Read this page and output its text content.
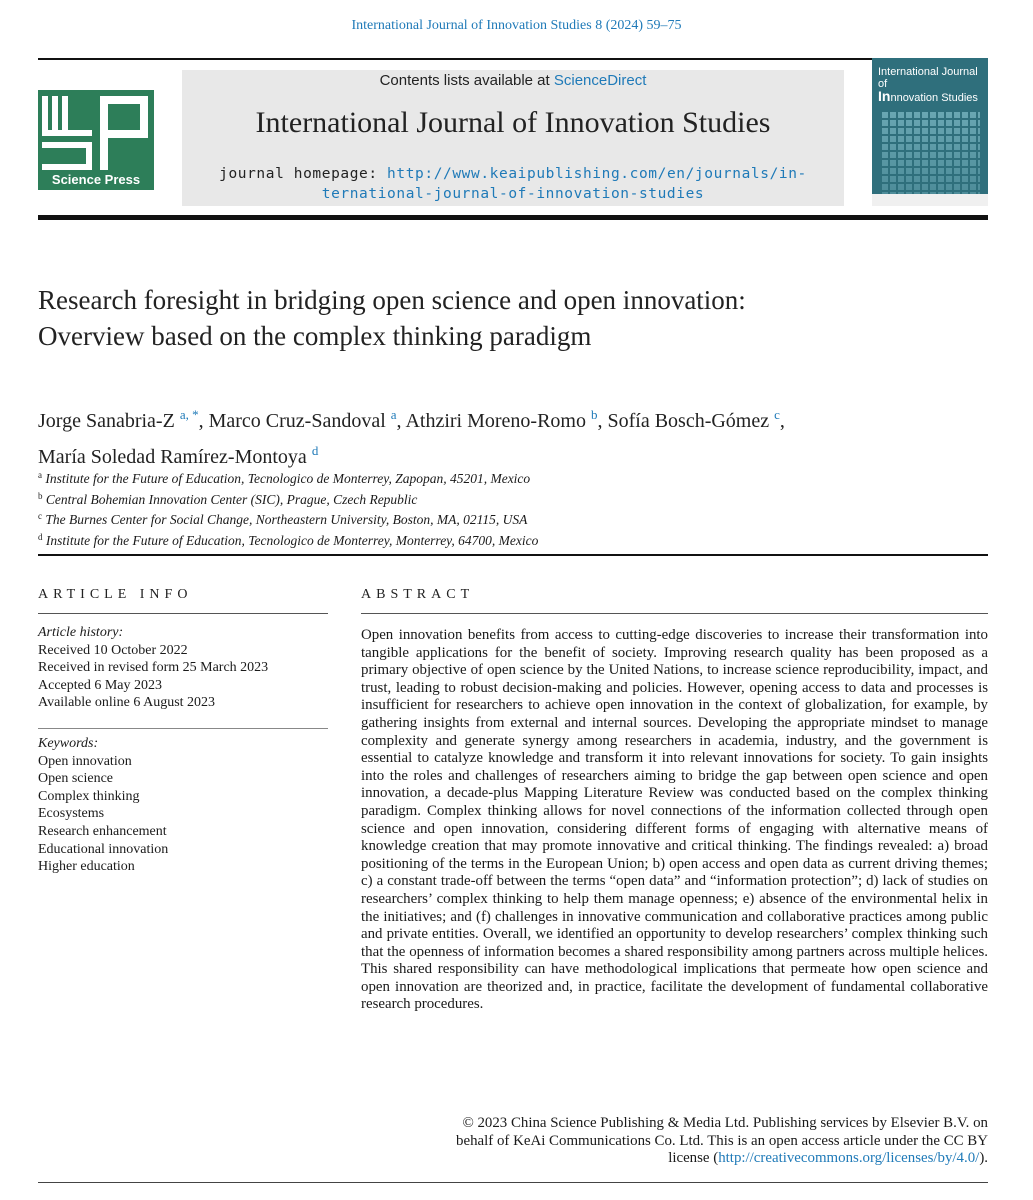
International Journal of Innovation Studies 8 (2024) 59–75
Science Press
Contents lists available at ScienceDirect
International Journal of Innovation Studies
journal homepage: http://www.keaipublishing.com/en/journals/in-
ternational-journal-of-innovation-studies
International Journal of
Innnovation Studies
Research foresight in bridging open science and open innovation: Overview based on the complex thinking paradigm
Jorge Sanabria-Z $^{a, *}$, Marco Cruz-Sandoval $^a$, Athziri Moreno-Romo $^b$, Sofía Bosch-Gómez $^c$,
María Soledad Ramírez-Montoya $^d$
$^a$ Institute for the Future of Education, Tecnologico de Monterrey, Zapopan, 45201, Mexico
$^b$ Central Bohemian Innovation Center (SIC), Prague, Czech Republic
$^c$ The Burnes Center for Social Change, Northeastern University, Boston, MA, 02115, USA
$^d$ Institute for the Future of Education, Tecnologico de Monterrey, Monterrey, 64700, Mexico
ARTICLE INFO	ABSTRACT
Article history:
Received 10 October 2022
Received in revised form 25 March 2023
Accepted 6 May 2023
Available online 6 August 2023
Keywords:
Open innovation
Open science
Complex thinking
Ecosystems
Research enhancement
Educational innovation
Higher education
Open innovation benefits from access to cutting-edge discoveries to increase their transformation into tangible applications for the benefit of society. Improving research quality has been proposed as a primary objective of open science by the United Nations, to increase science reproducibility, impact, and trust, leading to robust decision-making and policies. However, opening access to data and processes is insufficient for researchers to achieve open innovation in the context of globalization, for example, by gathering insights from external and internal sources. Developing the appropriate mindset to manage complexity and generate synergy among researchers in academia, industry, and the government is essential to catalyze knowledge and transform it into relevant innovations for society. To gain insights into the roles and challenges of researchers aiming to bridge the gap between open science and open innovation, a decade-plus Mapping Literature Review was conducted based on the complex thinking paradigm. Complex thinking allows for novel connections of the information collected through open science and open innovation, considering different forms of engaging with alternative means of knowledge creation that may promote innovative and critical thinking. The findings revealed: a) broad positioning of the terms in the European Union; b) open access and open data as current driving themes; c) a constant trade-off between the terms “open data” and “information protection”; d) lack of studies on researchers’ complex thinking to help them manage openness; e) absence of the environmental helix in the initiatives; and (f) challenges in innovative communication and collaborative practices among public and private entities. Overall, we identified an opportunity to develop researchers’ complex thinking such that the openness of information becomes a shared responsibility among partners across multiple helices. This shared responsibility can have methodological implications that permeate how open science and open innovation are theorized and, in practice, facilitate the development of fundamental collaborative research procedures.
© 2023 China Science Publishing & Media Ltd. Publishing services by Elsevier B.V. on
behalf of KeAi Communications Co. Ltd. This is an open access article under the CC BY
license (http://creativecommons.org/licenses/by/4.0/).
